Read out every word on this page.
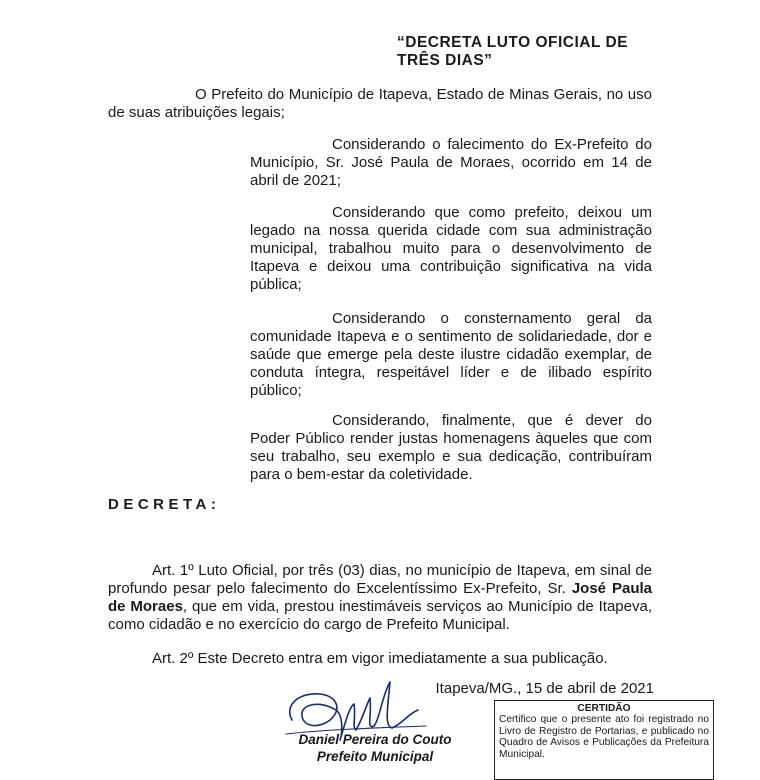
“DECRETA LUTO OFICIAL DE TRÊS DIAS”
O Prefeito do Município de Itapeva, Estado de Minas Gerais, no uso de suas atribuições legais;
Considerando o falecimento do Ex-Prefeito do Município, Sr. José Paula de Moraes, ocorrido em 14 de abril de 2021;
Considerando que como prefeito, deixou um legado na nossa querida cidade com sua administração municipal, trabalhou muito para o desenvolvimento de Itapeva e deixou uma contribuição significativa na vida pública;
Considerando o consternamento geral da comunidade Itapeva e o sentimento de solidariedade, dor e saúde que emerge pela deste ilustre cidadão exemplar, de conduta íntegra, respeitável líder e de ilibado espírito público;
Considerando, finalmente, que é dever do Poder Público render justas homenagens àqueles que com seu trabalho, seu exemplo e sua dedicação, contribuíram para o bem-estar da coletividade.
DECRETA:
Art. 1º Luto Oficial, por três (03) dias, no município de Itapeva, em sinal de profundo pesar pelo falecimento do Excelentíssimo Ex-Prefeito, Sr. José Paula de Moraes, que em vida, prestou inestimáveis serviços ao Município de Itapeva, como cidadão e no exercício do cargo de Prefeito Municipal.
Art. 2º Este Decreto entra em vigor imediatamente a sua publicação.
Itapeva/MG., 15 de abril de 2021
Daniel Pereira do Couto
Prefeito Municipal
CERTIDÃO
Certifico que o presente ato foi registrado no Livro de Registro de Portarias, e publicado no Quadro de Avisos e Publicações da Prefeitura Municipal.
